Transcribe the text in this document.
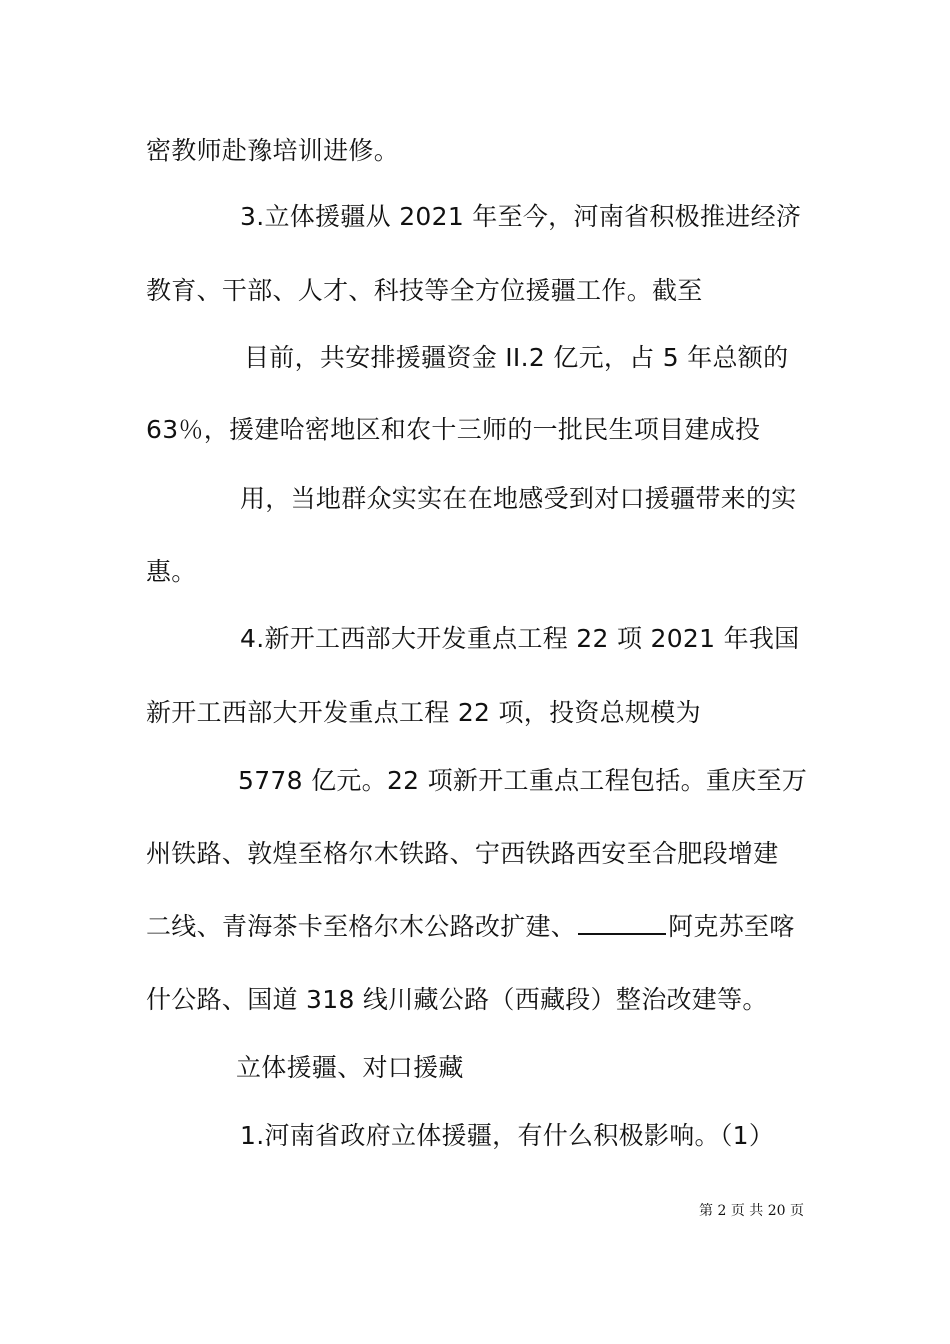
密教师赴豫培训进修。
3.立体援疆从 2021 年至今，河南省积极推进经济
教育、干部、人才、科技等全方位援疆工作。截至
目前，共安排援疆资金 II.2 亿元，占 5 年总额的
63％，援建哈密地区和农十三师的一批民生项目建成投
用，当地群众实实在在地感受到对口援疆带来的实
惠。
4.新开工西部大开发重点工程 22 项 2021 年我国
新开工西部大开发重点工程 22 项，投资总规模为
5778 亿元。22 项新开工重点工程包括。重庆至万
州铁路、敦煌至格尔木铁路、宁西铁路西安至合肥段增建
二线、青海茶卡至格尔木公路改扩建、	阿克苏至喀
什公路、国道 318 线川藏公路（西藏段）整治改建等。
立体援疆、对口援藏
1.河南省政府立体援疆，有什么积极影响。（1）
第 2 页 共 20 页
